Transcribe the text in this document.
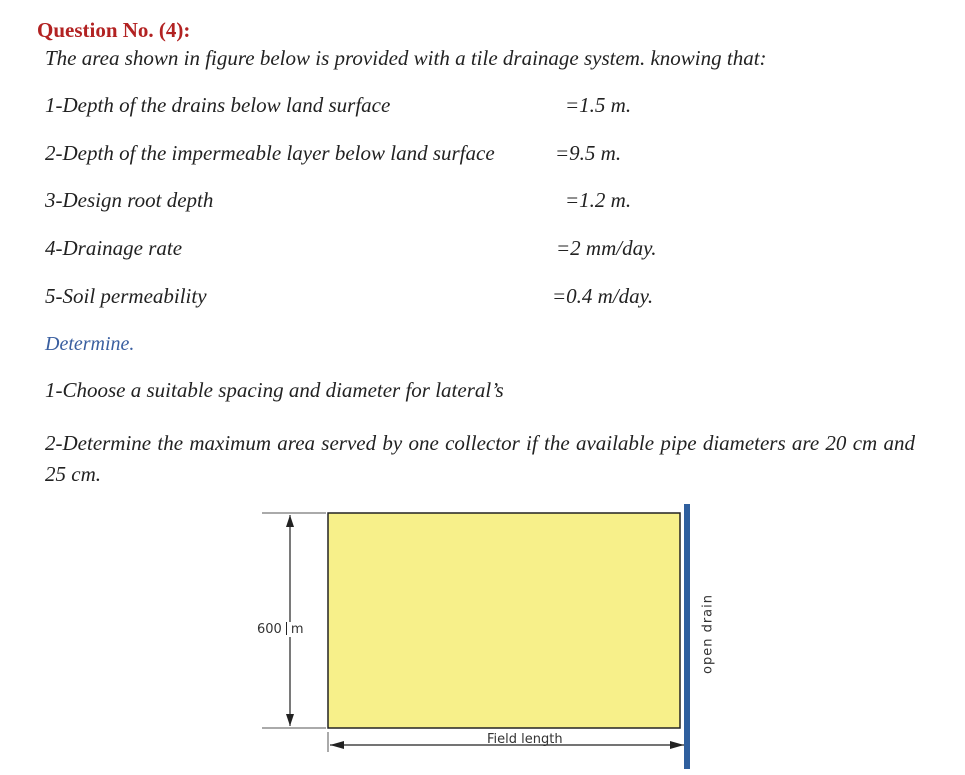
Question No. (4):
The area shown in figure below is provided with a tile drainage system. knowing that:
1-Depth of the drains below land surface	=1.5 m.
2-Depth of the impermeable layer below land surface	=9.5 m.
3-Design root depth	=1.2 m.
4-Drainage rate	=2 mm/day.
5-Soil permeability	=0.4 m/day.
Determine.
1-Choose a suitable spacing and diameter for lateral’s
2-Determine the maximum area served by one collector if the available pipe diameters are 20 cm and 25 cm.
600 m
Field length
open drain
